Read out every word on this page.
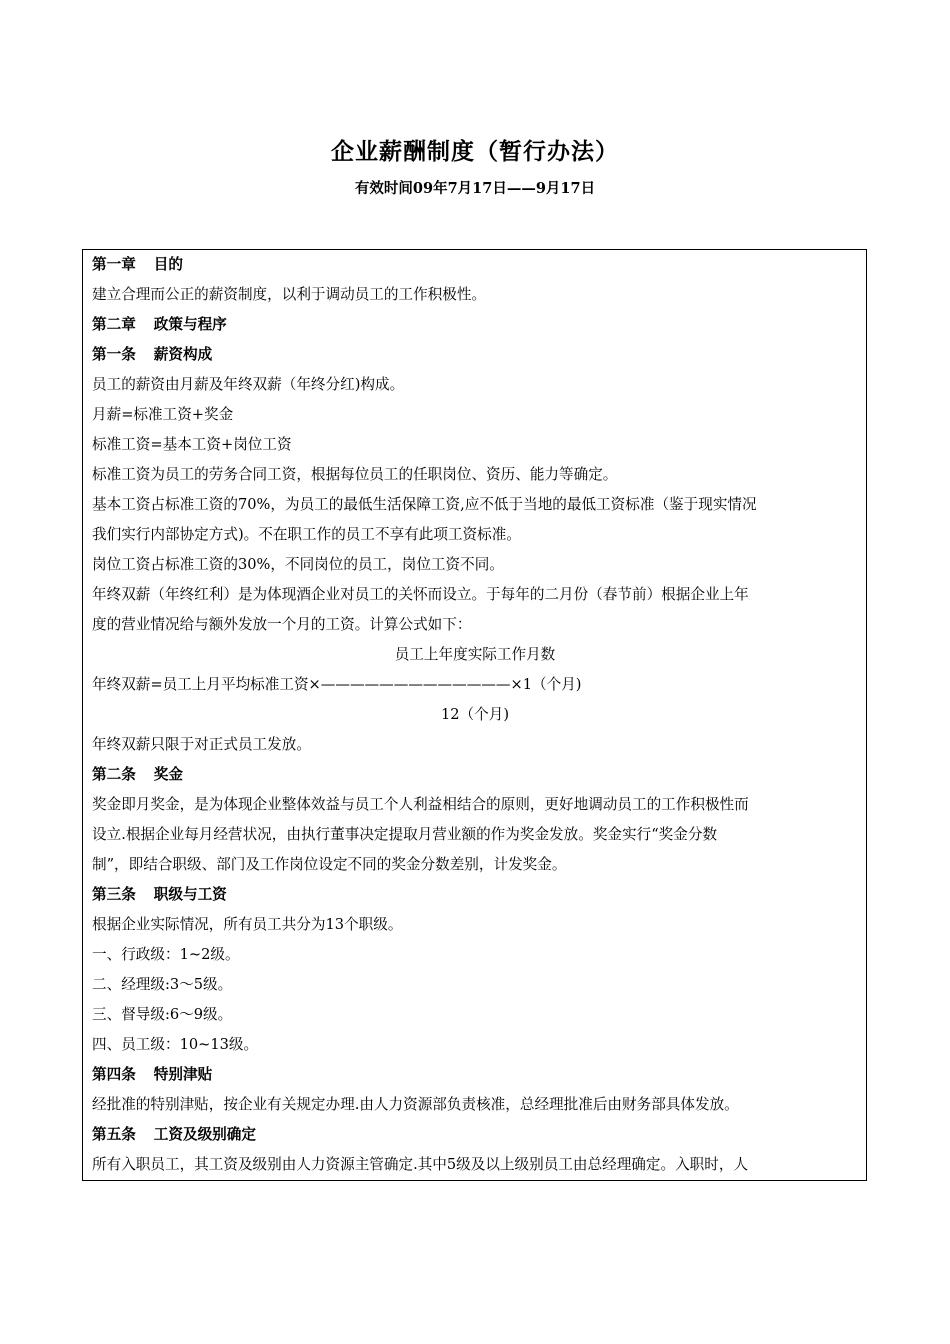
企业薪酬制度（暂行办法）
有效时间09年7月17日——9月17日
第一章 目的
建立合理而公正的薪资制度，以利于调动员工的工作积极性。
第二章 政策与程序
第一条 薪资构成
员工的薪资由月薪及年终双薪（年终分红)构成。
月薪=标准工资+奖金
标准工资=基本工资+岗位工资
标准工资为员工的劳务合同工资，根据每位员工的任职岗位、资历、能力等确定。
基本工资占标准工资的70%，为员工的最低生活保障工资,应不低于当地的最低工资标准（鉴于现实情况
我们实行内部协定方式)。不在职工作的员工不享有此项工资标准。
岗位工资占标准工资的30%，不同岗位的员工，岗位工资不同。
年终双薪（年终红利）是为体现酒企业对员工的关怀而设立。于每年的二月份（春节前）根据企业上年
度的营业情况给与额外发放一个月的工资。计算公式如下：
员工上年度实际工作月数
年终双薪=员工上月平均标准工资×—————————————×1（个月)
12（个月)
年终双薪只限于对正式员工发放。
第二条 奖金
奖金即月奖金，是为体现企业整体效益与员工个人利益相结合的原则，更好地调动员工的工作积极性而
设立.根据企业每月经营状况，由执行董事决定提取月营业额的作为奖金发放。奖金实行“奖金分数
制”，即结合职级、部门及工作岗位设定不同的奖金分数差别，计发奖金。
第三条 职级与工资
根据企业实际情况，所有员工共分为13个职级。
一、行政级：1~2级。
二、经理级:3～5级。
三、督导级:6～9级。
四、员工级：10~13级。
第四条 特别津贴
经批准的特别津贴，按企业有关规定办理.由人力资源部负责核准，总经理批准后由财务部具体发放。
第五条 工资及级别确定
所有入职员工，其工资及级别由人力资源主管确定.其中5级及以上级别员工由总经理确定。入职时，人
